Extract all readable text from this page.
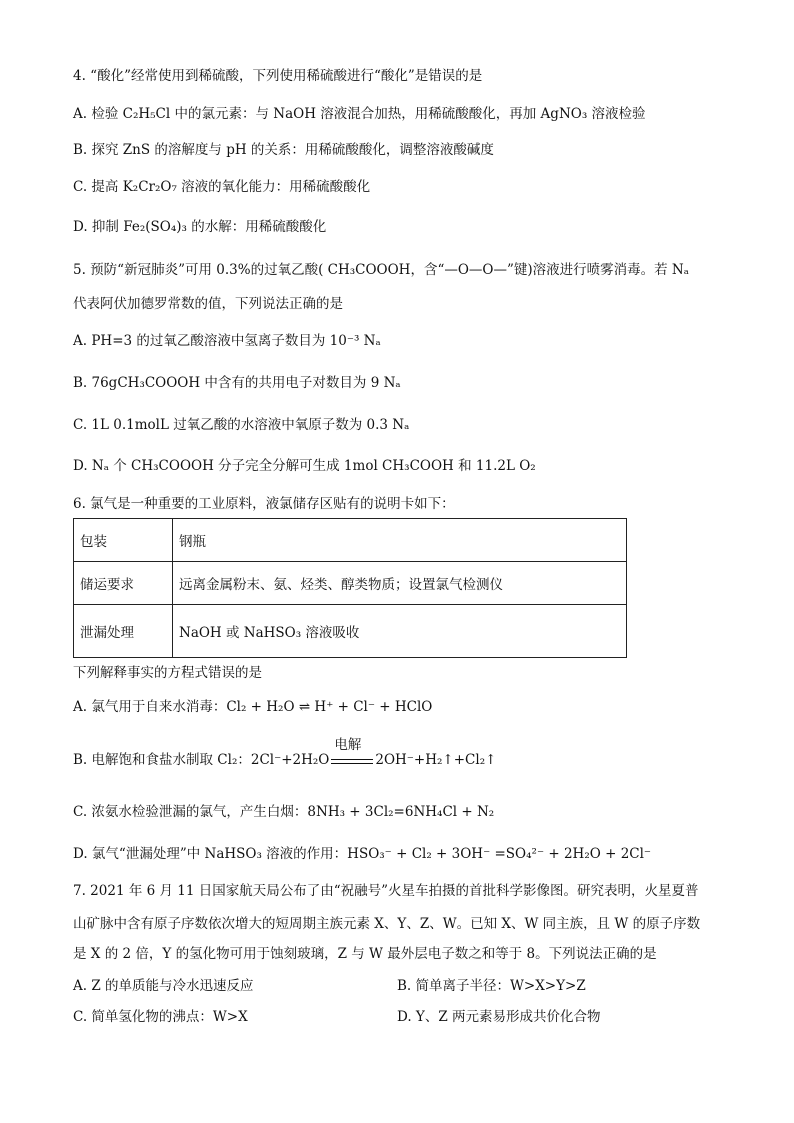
4. “酸化”经常使用到稀硫酸，下列使用稀硫酸进行“酸化”是错误的是
A. 检验 C₂H₅Cl 中的氯元素：与 NaOH 溶液混合加热，用稀硫酸酸化，再加 AgNO₃ 溶液检验
B. 探究 ZnS 的溶解度与 pH 的关系：用稀硫酸酸化，调整溶液酸碱度
C. 提高 K₂Cr₂O₇ 溶液的氧化能力：用稀硫酸酸化
D. 抑制 Fe₂(SO₄)₃ 的水解：用稀硫酸酸化
5. 预防“新冠肺炎”可用 0.3%的过氧乙酸( CH₃COOOH，含“—O—O—”键)溶液进行喷雾消毒。若 Nₐ
代表阿伏加德罗常数的值，下列说法正确的是
A. PH=3 的过氧乙酸溶液中氢离子数目为 10⁻³ Nₐ
B. 76gCH₃COOOH 中含有的共用电子对数目为 9 Nₐ
C. 1L 0.1molL 过氧乙酸的水溶液中氧原子数为 0.3 Nₐ
D. Nₐ 个 CH₃COOOH 分子完全分解可生成 1mol CH₃COOH 和 11.2L O₂
6. 氯气是一种重要的工业原料，液氯储存区贴有的说明卡如下：
包装	钢瓶
储运要求	远离金属粉末、氨、烃类、醇类物质；设置氯气检测仪
泄漏处理	NaOH 或 NaHSO₃ 溶液吸收
下列解释事实的方程式错误的是
A. 氯气用于自来水消毒：Cl₂ + H₂O ⇌ H⁺ + Cl⁻ + HClO
B. 电解饱和食盐水制取 Cl₂：2Cl⁻+2H₂O
电解
2OH⁻+H₂↑+Cl₂↑
C. 浓氨水检验泄漏的氯气，产生白烟：8NH₃ + 3Cl₂=6NH₄Cl + N₂
D. 氯气“泄漏处理”中 NaHSO₃ 溶液的作用：HSO₃⁻ + Cl₂ + 3OH⁻ =SO₄²⁻ + 2H₂O + 2Cl⁻
7. 2021 年 6 月 11 日国家航天局公布了由“祝融号”火星车拍摄的首批科学影像图。研究表明，火星夏普
山矿脉中含有原子序数依次增大的短周期主族元素 X、Y、Z、W。已知 X、W 同主族，且 W 的原子序数
是 X 的 2 倍，Y 的氢化物可用于蚀刻玻璃，Z 与 W 最外层电子数之和等于 8。下列说法正确的是
A. Z 的单质能与冷水迅速反应	B. 简单离子半径：W>X>Y>Z
C. 简单氢化物的沸点：W>X	D. Y、Z 两元素易形成共价化合物
